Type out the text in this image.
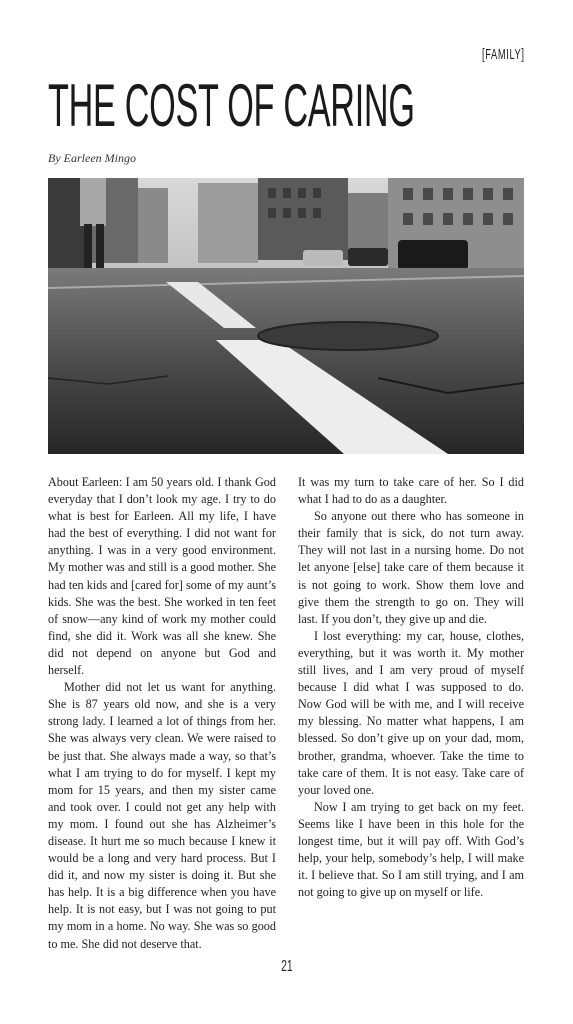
[FAMILY]
THE COST OF CARING
By Earleen Mingo

About Earleen: I am 50 years old. I thank God everyday that I don’t look my age. I try to do what is best for Earleen. All my life, I have had the best of everything. I did not want for anything. I was in a very good environment. My mother was and still is a good mother. She had ten kids and [cared for] some of my aunt’s kids. She was the best. She worked in ten feet of snow—any kind of work my mother could find, she did it. Work was all she knew. She did not depend on anyone but God and herself.

Mother did not let us want for anything. She is 87 years old now, and she is a very strong lady. I learned a lot of things from her. She was always very clean. We were raised to be just that. She always made a way, so that’s what I am trying to do for myself. I kept my mom for 15 years, and then my sister came and took over. I could not get any help with my mom. I found out she has Alzheimer’s disease. It hurt me so much because I knew it would be a long and very hard process. But I did it, and now my sister is doing it. But she has help. It is a big difference when you have help. It is not easy, but I was not going to put my mom in a home. No way. She was so good to me. She did not deserve that.

It was my turn to take care of her. So I did what I had to do as a daughter.

So anyone out there who has someone in their family that is sick, do not turn away. They will not last in a nursing home. Do not let anyone [else] take care of them because it is not going to work. Show them love and give them the strength to go on. They will last. If you don’t, they give up and die.

I lost everything: my car, house, clothes, everything, but it was worth it. My mother still lives, and I am very proud of myself because I did what I was supposed to do. Now God will be with me, and I will receive my blessing. No matter what happens, I am blessed. So don’t give up on your dad, mom, brother, grandma, whoever. Take the time to take care of them. It is not easy. Take care of your loved one.

Now I am trying to get back on my feet. Seems like I have been in this hole for the longest time, but it will pay off. With God’s help, your help, somebody’s help, I will make it. I believe that. So I am still trying, and I am not going to give up on myself or life.

21
